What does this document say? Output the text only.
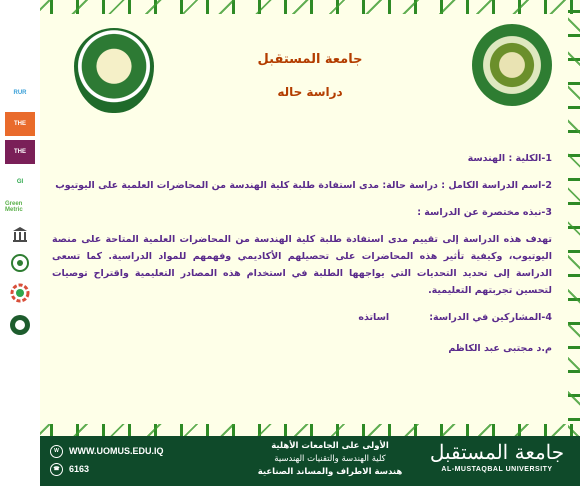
RUR
THE
THE
GI
Green Metric
جامعة المستقبل
دراسة حاله

1-الكلية : الهندسة

2-اسم الدراسة الكامل : دراسة حالة: مدى استفادة طلبة كلية الهندسة من المحاضرات العلمية على اليوتيوب

3-نبذه مختصرة عن الدراسة :

تهدف هذه الدراسة إلى تقييم مدى استفادة طلبة كلية الهندسة من المحاضرات العلمية المتاحة على منصة اليوتيوب، وكيفية تأثير هذه المحاضرات على تحصيلهم الأكاديمي وفهمهم للمواد الدراسية. كما تسعى الدراسة إلى تحديد التحديات التي يواجهها الطلبة في استخدام هذه المصادر التعليمية واقتراح توصيات لتحسين تجربتهم التعليمية.

4-المشاركين في الدراسة:
اساتذه

م.د مجتبى عبد الكاظم

W	WWW.UOMUS.EDU.IQ
☎	6163
الأولى على الجامعات الأهلية
كلية الهندسة والتقنيات الهندسية
هندسة الاطراف والمساند الصناعية
جامعة المستقبل
AL-MUSTAQBAL UNIVERSITY
